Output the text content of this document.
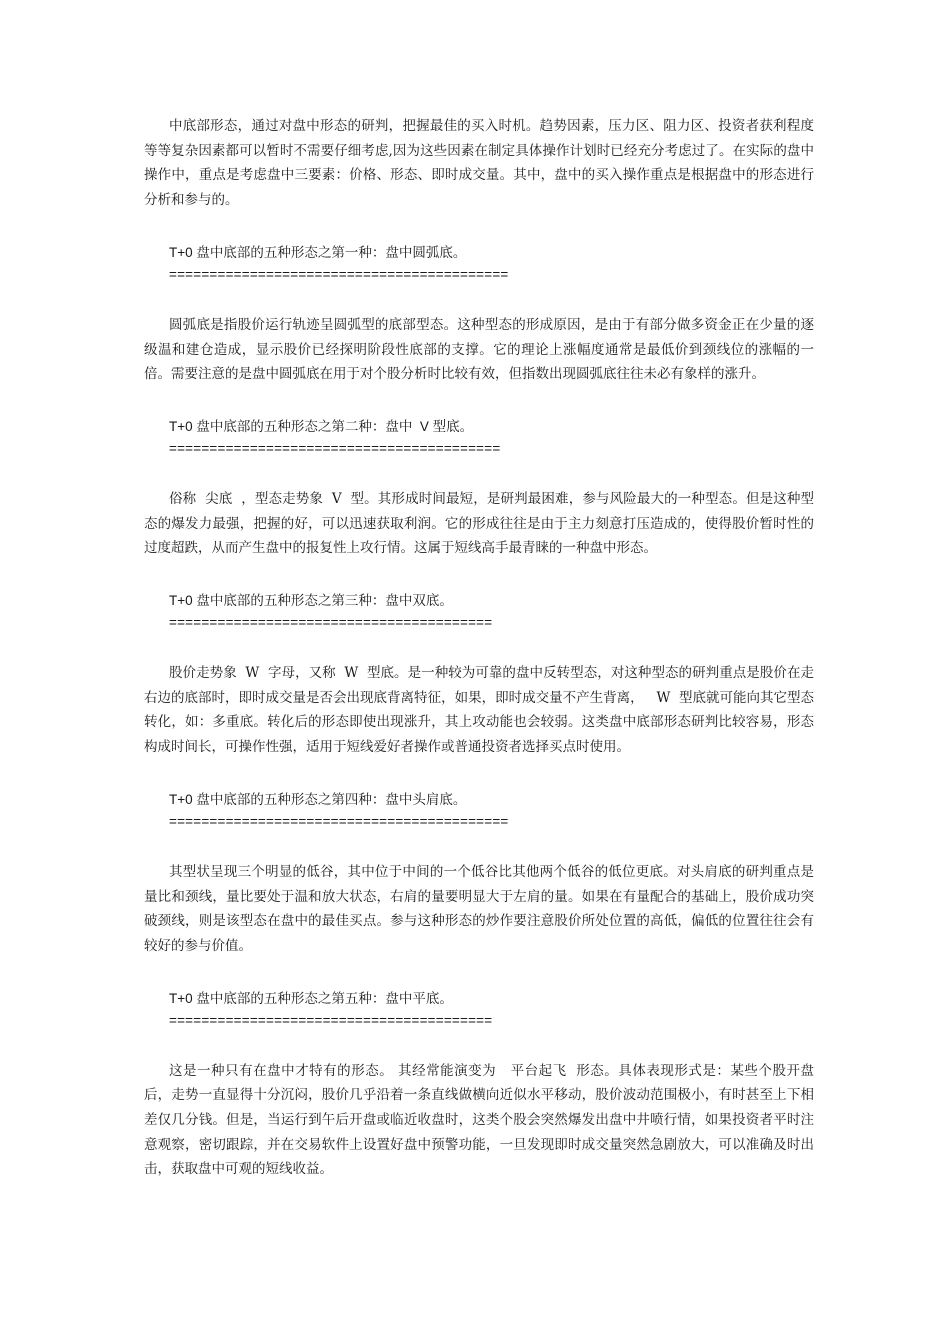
中底部形态，通过对盘中形态的研判，把握最佳的买入时机。趋势因素，压力区、阻力区、投资者获利程度等等复杂因素都可以暂时不需要仔细考虑,因为这些因素在制定具体操作计划时已经充分考虑过了。在实际的盘中操作中，重点是考虑盘中三要素：价格、形态、即时成交量。其中，盘中的买入操作重点是根据盘中的形态进行分析和参与的。

T+0 盘中底部的五种形态之第一种：盘中圆弧底。

==========================================

圆弧底是指股价运行轨迹呈圆弧型的底部型态。这种型态的形成原因，是由于有部分做多资金正在少量的逐级温和建仓造成，显示股价已经探明阶段性底部的支撑。它的理论上涨幅度通常是最低价到颈线位的涨幅的一倍。需要注意的是盘中圆弧底在用于对个股分析时比较有效，但指数出现圆弧底往往未必有象样的涨升。

T+0 盘中底部的五种形态之第二种：盘中  V 型底。

=========================================

俗称  尖底  ，型态走势象  V  型。其形成时间最短，是研判最困难，参与风险最大的一种型态。但是这种型态的爆发力最强，把握的好，可以迅速获取利润。它的形成往往是由于主力刻意打压造成的，使得股价暂时性的过度超跌，从而产生盘中的报复性上攻行情。这属于短线高手最青睐的一种盘中形态。

T+0 盘中底部的五种形态之第三种：盘中双底。

========================================

股价走势象  W  字母，又称  W  型底。是一种较为可靠的盘中反转型态，对这种型态的研判重点是股价在走右边的底部时，即时成交量是否会出现底背离特征，如果，即时成交量不产生背离，   W  型底就可能向其它型态转化，如：多重底。转化后的形态即使出现涨升，其上攻动能也会较弱。这类盘中底部形态研判比较容易，形态构成时间长，可操作性强，适用于短线爱好者操作或普通投资者选择买点时使用。

T+0 盘中底部的五种形态之第四种：盘中头肩底。

==========================================

其型状呈现三个明显的低谷，其中位于中间的一个低谷比其他两个低谷的低位更底。对头肩底的研判重点是量比和颈线，量比要处于温和放大状态，右肩的量要明显大于左肩的量。如果在有量配合的基础上，股价成功突破颈线，则是该型态在盘中的最佳买点。参与这种形态的炒作要注意股价所处位置的高低，偏低的位置往往会有较好的参与价值。

T+0 盘中底部的五种形态之第五种：盘中平底。

========================================

这是一种只有在盘中才特有的形态。 其经常能演变为   平台起飞  形态。具体表现形式是：某些个股开盘后，走势一直显得十分沉闷，股价几乎沿着一条直线做横向近似水平移动，股价波动范围极小，有时甚至上下相差仅几分钱。但是，当运行到午后开盘或临近收盘时，这类个股会突然爆发出盘中井喷行情，如果投资者平时注意观察，密切跟踪，并在交易软件上设置好盘中预警功能，一旦发现即时成交量突然急剧放大，可以准确及时出击，获取盘中可观的短线收益。
